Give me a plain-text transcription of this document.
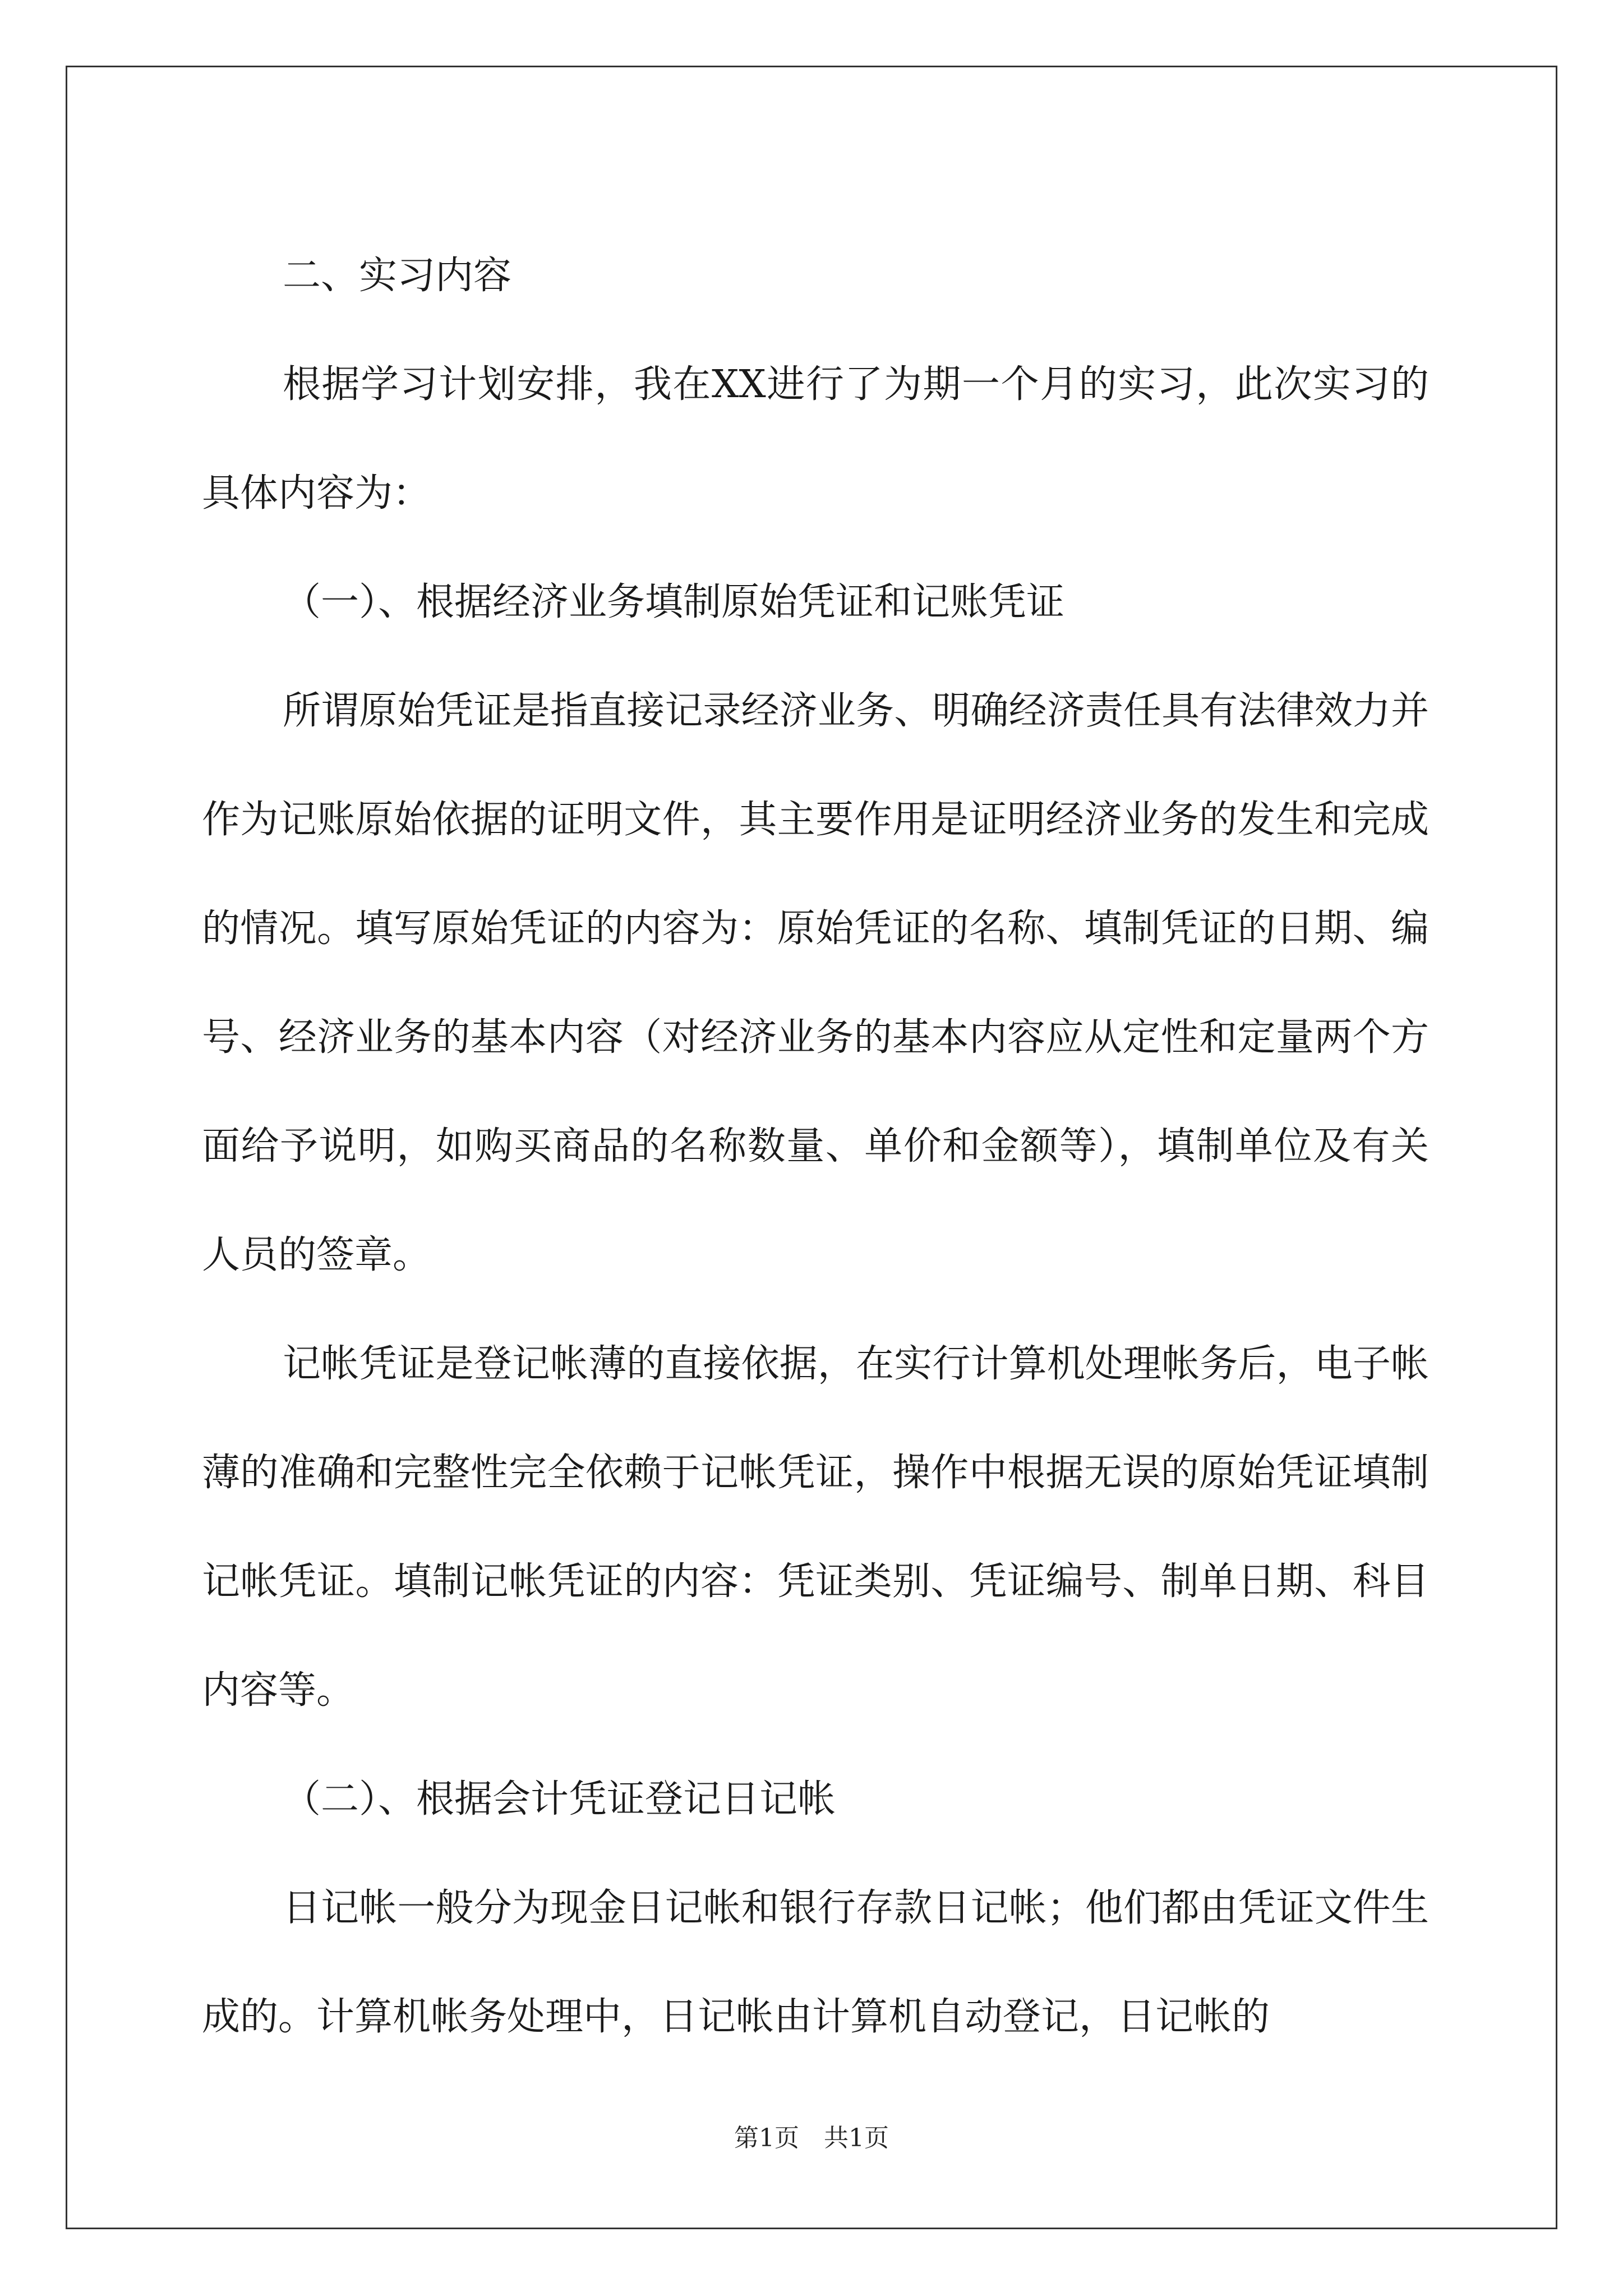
二、实习内容

根据学习计划安排，我在XX进行了为期一个月的实习，此次实习的具体内容为：

（一）、根据经济业务填制原始凭证和记账凭证

所谓原始凭证是指直接记录经济业务、明确经济责任具有法律效力并作为记账原始依据的证明文件，其主要作用是证明经济业务的发生和完成的情况。填写原始凭证的内容为：原始凭证的名称、填制凭证的日期、编号、经济业务的基本内容（对经济业务的基本内容应从定性和定量两个方面给予说明，如购买商品的名称数量、单价和金额等），填制单位及有关人员的签章。

记帐凭证是登记帐薄的直接依据，在实行计算机处理帐务后，电子帐薄的准确和完整性完全依赖于记帐凭证，操作中根据无误的原始凭证填制记帐凭证。填制记帐凭证的内容：凭证类别、凭证编号、制单日期、科目内容等。

（二）、根据会计凭证登记日记帐

日记帐一般分为现金日记帐和银行存款日记帐；他们都由凭证文件生成的。计算机帐务处理中，日记帐由计算机自动登记，日记帐的

第1页　共1页
